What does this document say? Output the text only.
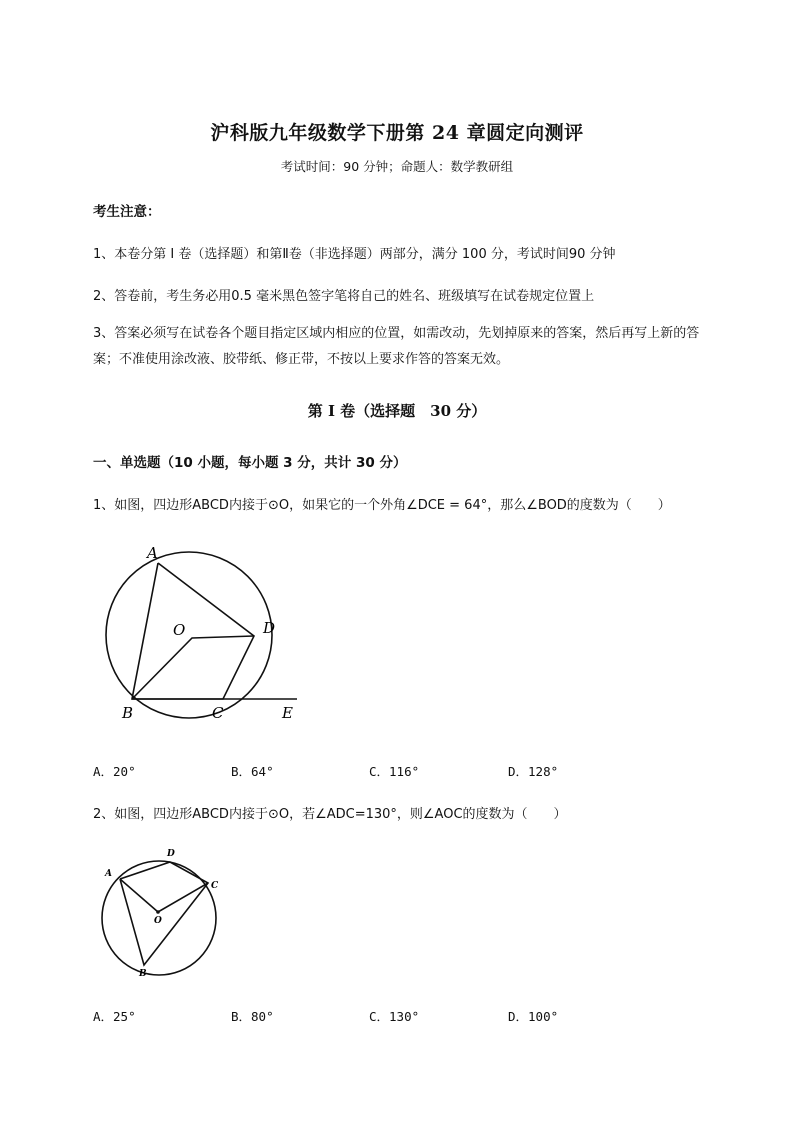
沪科版九年级数学下册第 24 章圆定向测评
考试时间：90 分钟；命题人：数学教研组
考生注意：
1、本卷分第 I 卷（选择题）和第Ⅱ卷（非选择题）两部分，满分 100 分，考试时间90 分钟
2、答卷前，考生务必用0.5 毫米黑色签字笔将自己的姓名、班级填写在试卷规定位置上
3、答案必须写在试卷各个题目指定区域内相应的位置，如需改动，先划掉原来的答案，然后再写上新的答案；不准使用涂改液、胶带纸、修正带，不按以上要求作答的答案无效。
第 I 卷（选择题　30 分）
一、单选题（10 小题，每小题 3 分，共计 30 分）
1、如图，四边形ABCD内接于⊙O，如果它的一个外角∠DCE = 64°，那么∠BOD的度数为（　　）
A
O	D
B	C	E
A．20°	B．64°	C．116°	D．128°
2、如图，四边形ABCD内接于⊙O，若∠ADC=130°，则∠AOC的度数为（　　）
A
D
C
O
B
A．25°	B．80°	C．130°	D．100°
